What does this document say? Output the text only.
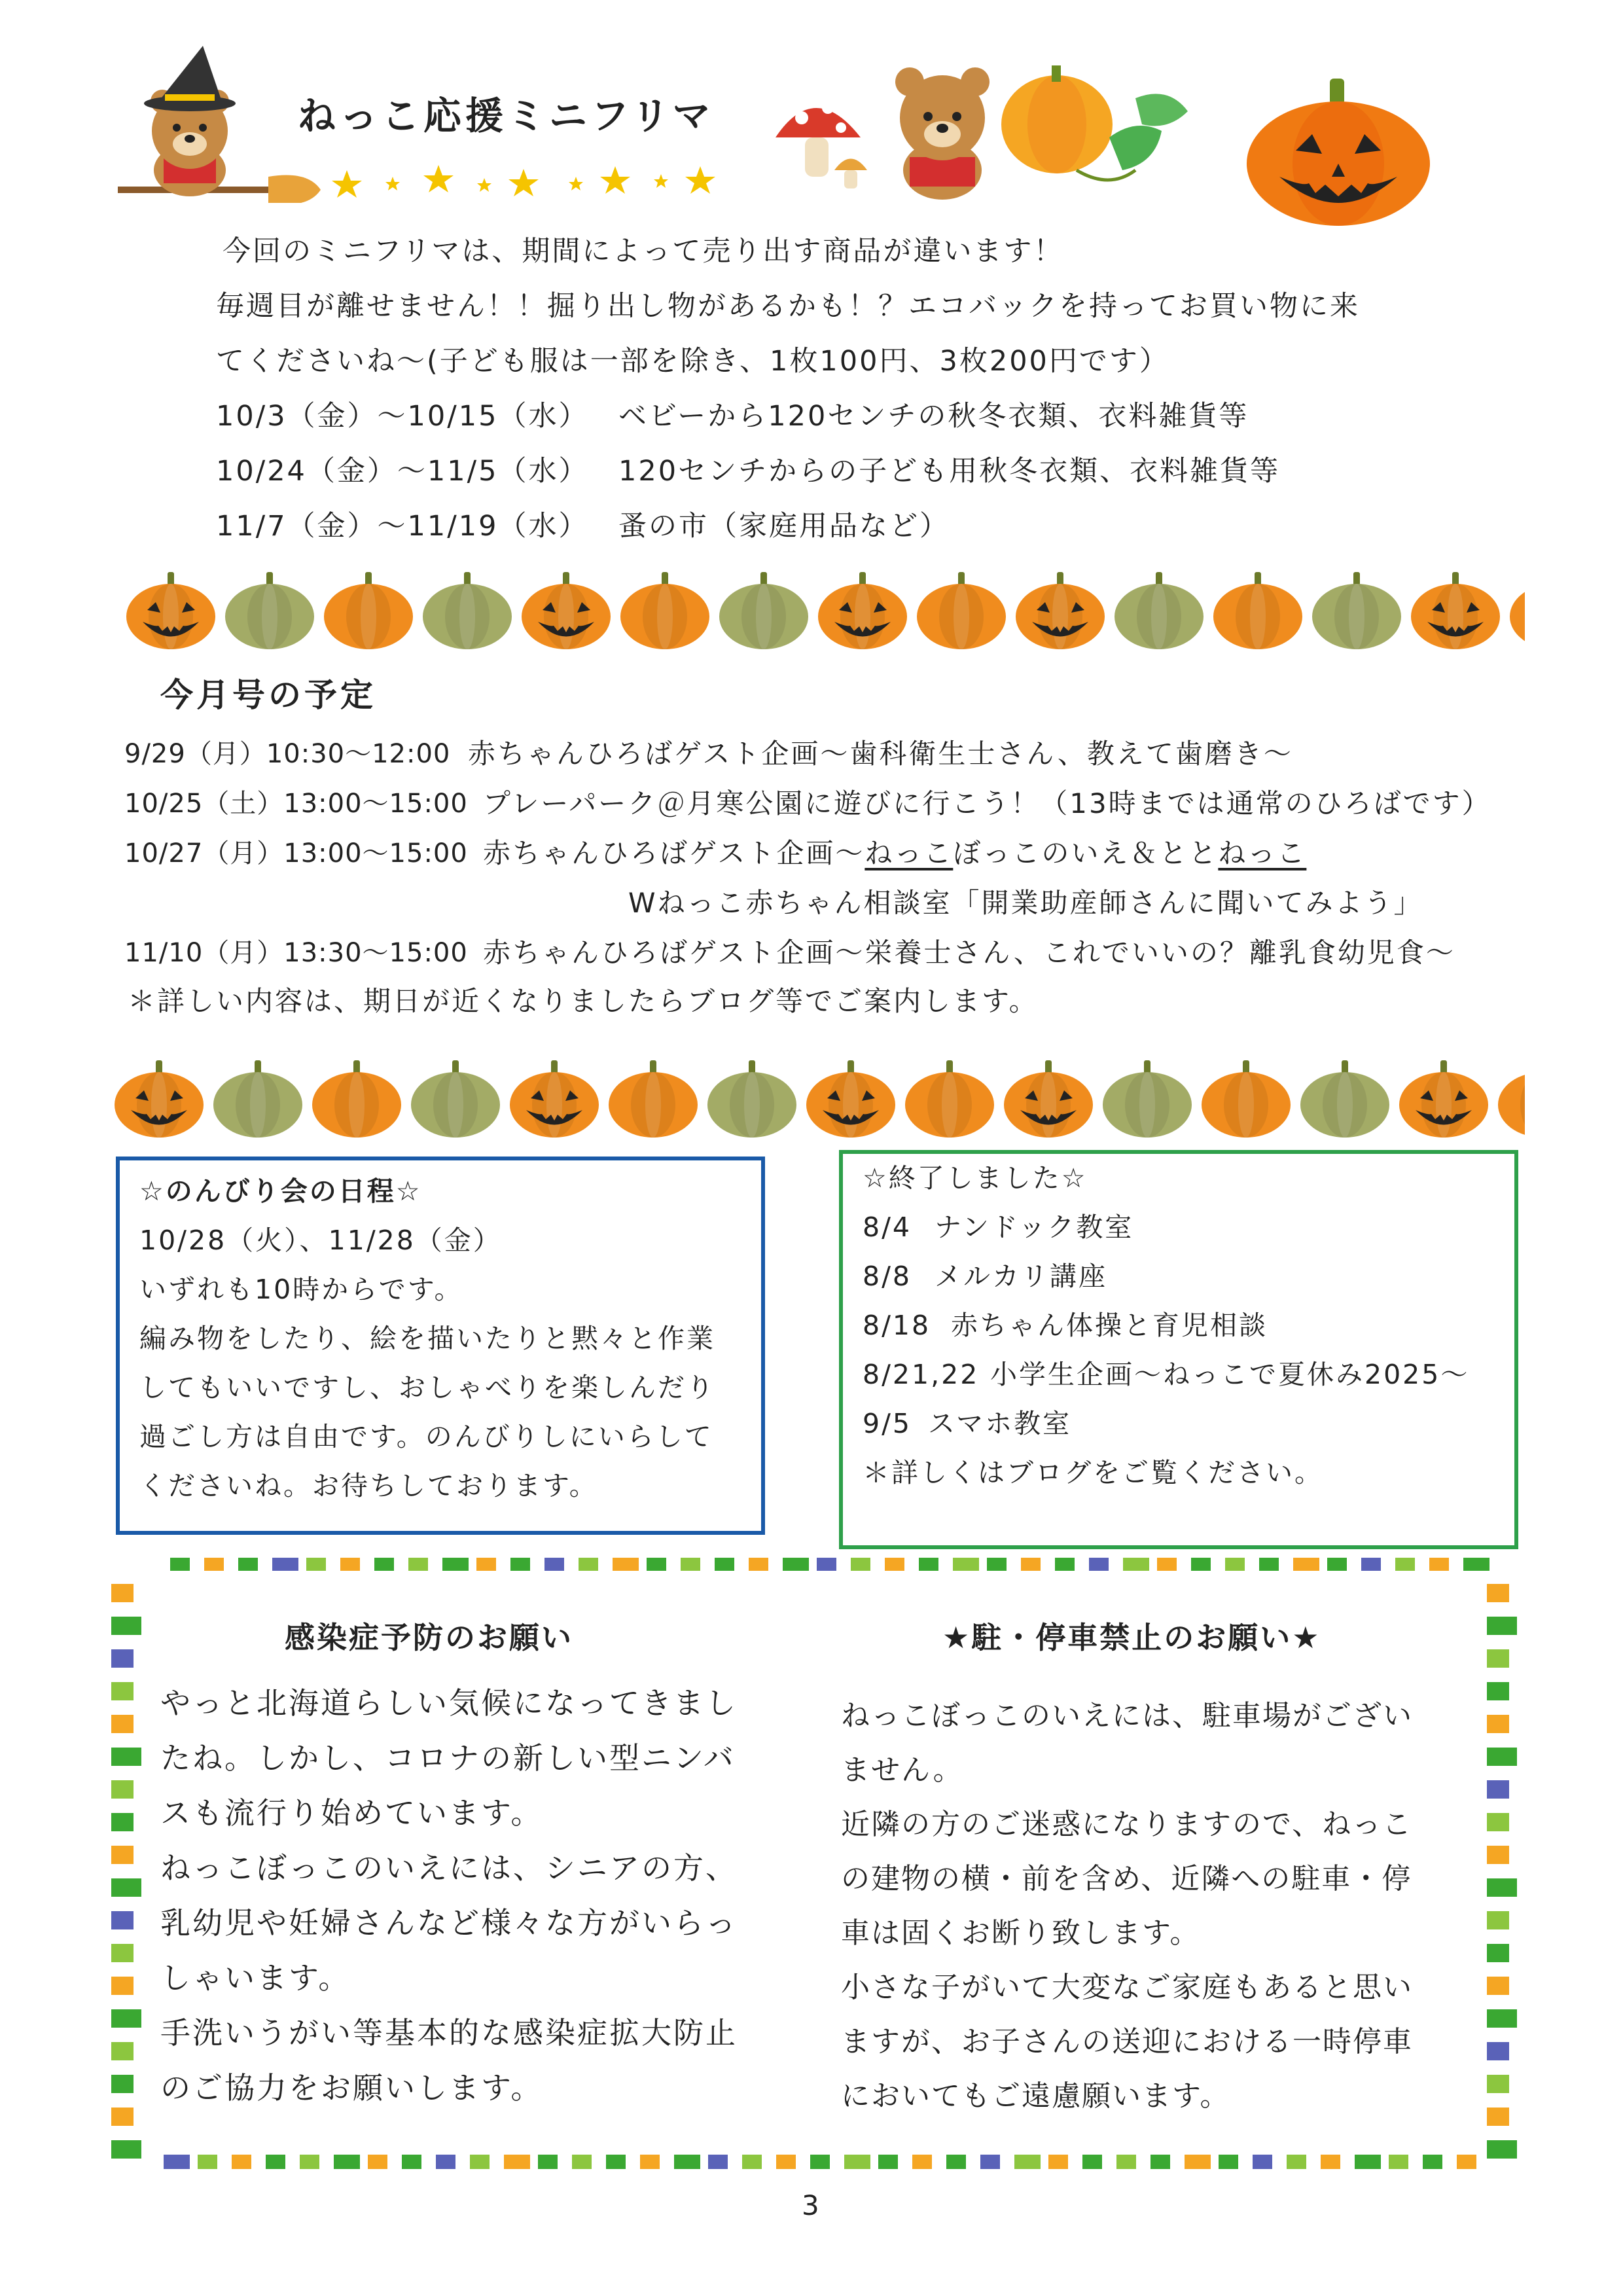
ねっこ応援ミニフリマ
今回のミニフリマは、期間によって売り出す商品が違います！
毎週目が離せません！！掘り出し物があるかも！？エコバックを持ってお買い物に来
てくださいね〜(子ども服は一部を除き、1枚100円、3枚200円です）
10/3（金）〜10/15（水） ベビーから120センチの秋冬衣類、衣料雑貨等
10/24（金）〜11/5（水） 120センチからの子ども用秋冬衣類、衣料雑貨等
11/7（金）〜11/19（水） 蚤の市（家庭用品など）
今月号の予定
9/29（月）10:30〜12:00 赤ちゃんひろばゲスト企画〜歯科衛生士さん、教えて歯磨き〜
10/25（土）13:00〜15:00 プレーパーク＠月寒公園に遊びに行こう！（13時までは通常のひろばです）
10/27（月）13:00〜15:00 赤ちゃんひろばゲスト企画〜ねっこぼっこのいえ＆ととねっこ
Wねっこ赤ちゃん相談室「開業助産師さんに聞いてみよう」
11/10（月）13:30〜15:00 赤ちゃんひろばゲスト企画〜栄養士さん、これでいいの？離乳食幼児食〜
＊詳しい内容は、期日が近くなりましたらブログ等でご案内します。
☆のんびり会の日程☆
10/28（火）、11/28（金）
いずれも10時からです。
編み物をしたり、絵を描いたりと黙々と作業
してもいいですし、おしゃべりを楽しんだり
過ごし方は自由です。のんびりしにいらして
くださいね。お待ちしております。
☆終了しました☆
8/4 ナンドック教室
8/8 メルカリ講座
8/18 赤ちゃん体操と育児相談
8/21,22 小学生企画〜ねっこで夏休み2025〜
9/5 スマホ教室
＊詳しくはブログをご覧ください。
感染症予防のお願い
やっと北海道らしい気候になってきまし
たね。しかし、コロナの新しい型ニンバ
スも流行り始めています。
ねっこぼっこのいえには、シニアの方、
乳幼児や妊婦さんなど様々な方がいらっ
しゃいます。
手洗いうがい等基本的な感染症拡大防止
のご協力をお願いします。
★駐・停車禁止のお願い★
ねっこぼっこのいえには、駐車場がござい
ません。
近隣の方のご迷惑になりますので、ねっこ
の建物の横・前を含め、近隣への駐車・停
車は固くお断り致します。
小さな子がいて大変なご家庭もあると思い
ますが、お子さんの送迎における一時停車
においてもご遠慮願います。
3
